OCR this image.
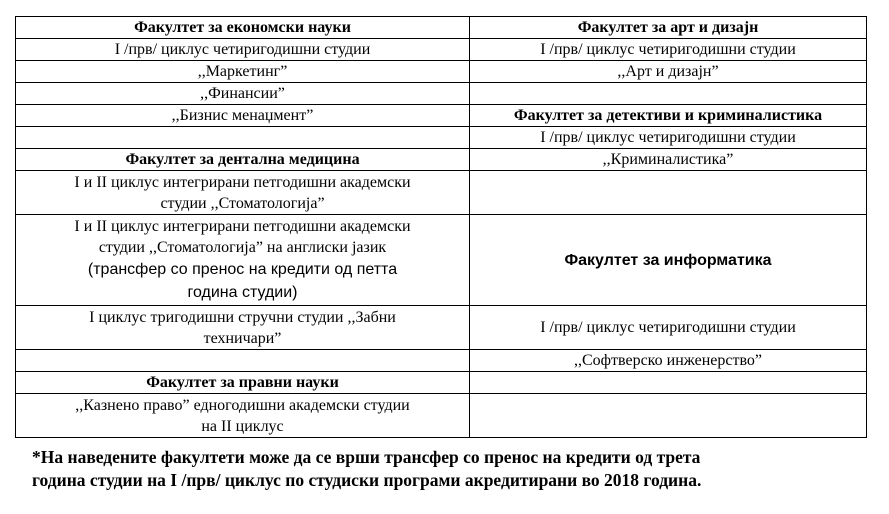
Факултет за економски науки	Факултет за арт и дизајн
I /прв/ циклус четиригодишни студии	I /прв/ циклус четиригодишни студии
,,Маркетинг”	,,Арт и дизајн”
,,Финансии”	
,,Бизнис менаџмент”	Факултет за детективи и криминалистика
	I /прв/ циклус четиригодишни студии
Факултет за дентална медицина	,,Криминалистика”

I и II циклус интегрирани петгодишни академски
студии ,,Стоматологија”	

I и II циклус интегрирани петгодишни академски
студии ,,Стоматологија” на англиски јазик
(трансфер со пренос на кредити од петта
година студии)	Факултет за информатика

I циклус тригодишни стручни студии ,,Забни
техничари”	I /прв/ циклус четиригодишни студии
	,,Софтверско инженерство”
Факултет за правни науки	

,,Казнено право” едногодишни академски студии
на II циклус	

*На наведените факултети може да се врши трансфер со пренос на кредити од трета
година студии на I /прв/ циклус по студиски програми акредитирани во 2018 година.
